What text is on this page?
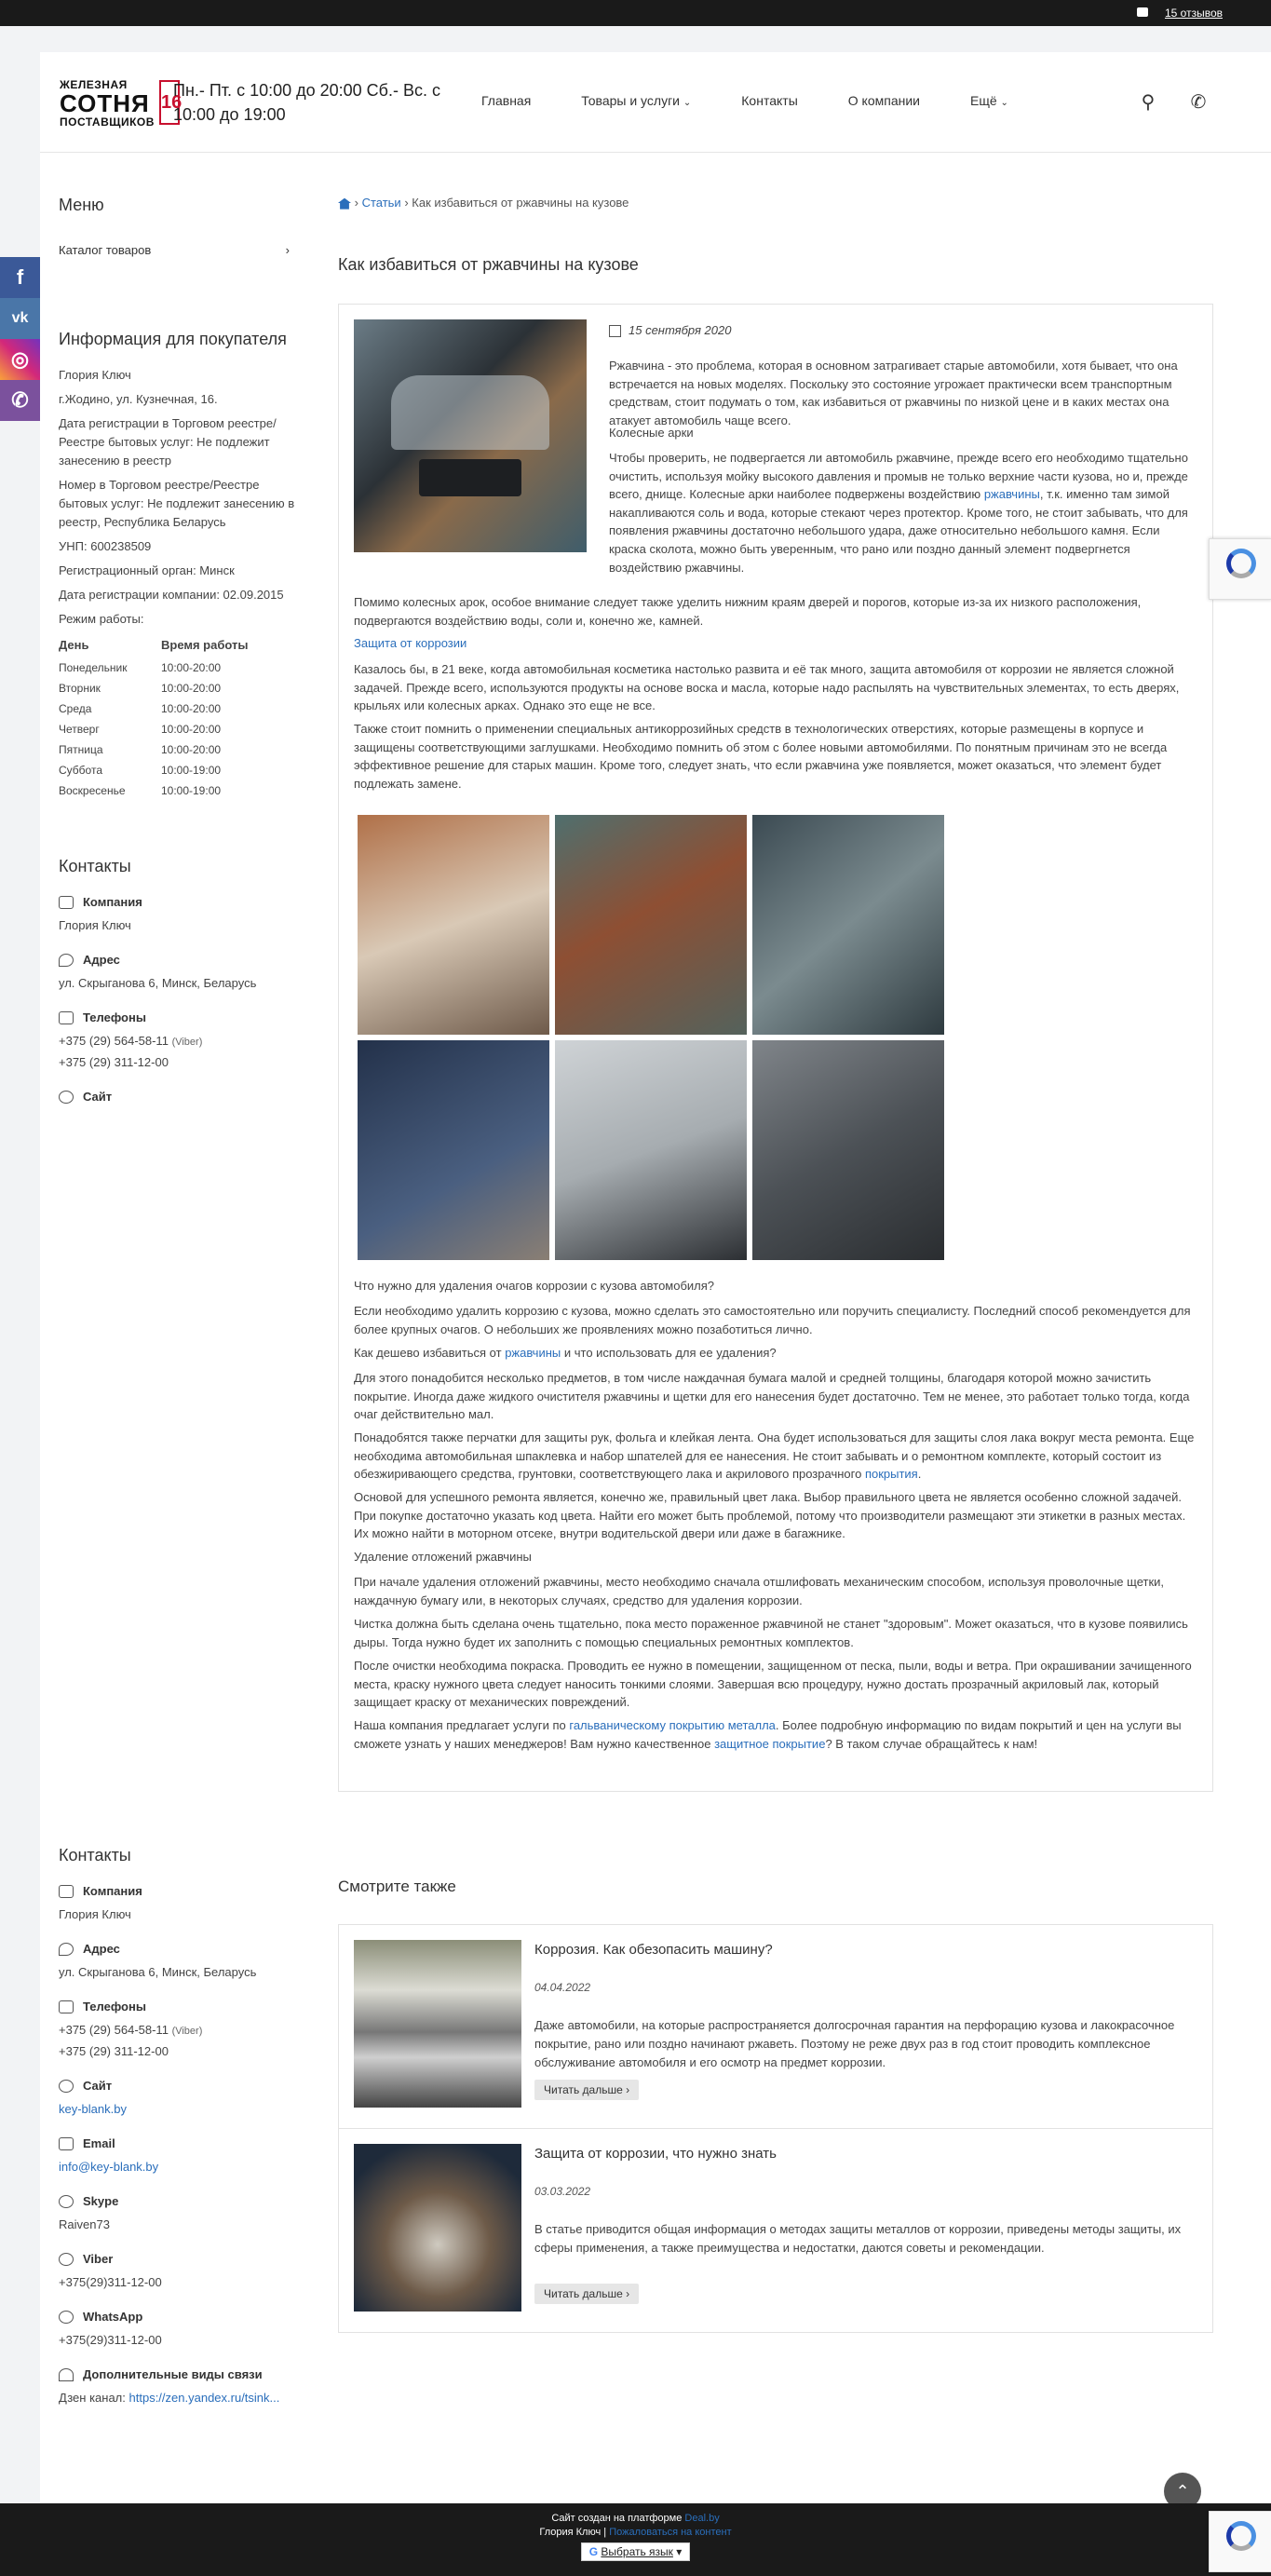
15 отзывов
f
vk
◎
✆
ЖЕЛЕЗНАЯ
СОТНЯ
ПОСТАВЩИКОВ
16
Пн.- Пт. с 10:00 до 20:00 Сб.- Вс. с 10:00 до 19:00
Главная	Товары и услуги ⌄	Контакты	О компании	Ещё ⌄	⚲	✆
Меню
Каталог товаров	›
Информация для покупателя

Глория Ключ

г.Жодино, ул. Кузнечная, 16.

Дата регистрации в Торговом реестре/Реестре бытовых услуг: Не подлежит занесению в реестр

Номер в Торговом реестре/Реестре бытовых услуг: Не подлежит занесению в реестр, Республика Беларусь

УНП: 600238509

Регистрационный орган: Минск

Дата регистрации компании: 02.09.2015

Режим работы:

День	Время работы
Понедельник	10:00-20:00
Вторник	10:00-20:00
Среда	10:00-20:00
Четверг	10:00-20:00
Пятница	10:00-20:00
Суббота	10:00-19:00
Воскресенье	10:00-19:00
Контакты
Компания
Глория Ключ
Адрес
ул. Скрыганова 6, Минск, Беларусь
Телефоны
+375 (29) 564-58-11 (Viber)
+375 (29) 311-12-00
Сайт
› Статьи › Как избавиться от ржавчины на кузове
Как избавиться от ржавчины на кузове
15 сентября 2020
Ржавчина - это проблема, которая в основном затрагивает старые автомобили, хотя бывает, что она встречается на новых моделях. Поскольку это состояние угрожает практически всем транспортным средствам, стоит подумать о том, как избавиться от ржавчины по низкой цене и в каких местах она атакует автомобиль чаще всего.
Колесные арки
Чтобы проверить, не подвергается ли автомобиль ржавчине, прежде всего его необходимо тщательно очистить, используя мойку высокого давления и промыв не только верхние части кузова, но и, прежде всего, днище. Колесные арки наиболее подвержены воздействию ржавчины, т.к. именно там зимой накапливаются соль и вода, которые стекают через протектор. Кроме того, не стоит забывать, что для появления ржавчины достаточно небольшого удара, даже относительно небольшого камня. Если краска сколота, можно быть уверенным, что рано или поздно данный элемент подвергнется воздействию ржавчины.
Помимо колесных арок, особое внимание следует также уделить нижним краям дверей и порогов, которые из-за их низкого расположения, подвергаются воздействию воды, соли и, конечно же, камней.
Защита от коррозии
Казалось бы, в 21 веке, когда автомобильная косметика настолько развита и её так много, защита автомобиля от коррозии не является сложной задачей. Прежде всего, используются продукты на основе воска и масла, которые надо распылять на чувствительных элементах, то есть дверях, крыльях или колесных арках. Однако это еще не все.
Также стоит помнить о применении специальных антикоррозийных средств в технологических отверстиях, которые размещены в корпусе и защищены соответствующими заглушками. Необходимо помнить об этом с более новыми автомобилями. По понятным причинам это не всегда эффективное решение для старых машин. Кроме того, следует знать, что если ржавчина уже появляется, может оказаться, что элемент будет подлежать замене.
Что нужно для удаления очагов коррозии с кузова автомобиля?
Если необходимо удалить коррозию с кузова, можно сделать это самостоятельно или поручить специалисту. Последний способ рекомендуется для более крупных очагов. О небольших же проявлениях можно позаботиться лично.
Как дешево избавиться от ржавчины и что использовать для ее удаления?
Для этого понадобится несколько предметов, в том числе наждачная бумага малой и средней толщины, благодаря которой можно зачистить покрытие. Иногда даже жидкого очистителя ржавчины и щетки для его нанесения будет достаточно. Тем не менее, это работает только тогда, когда очаг действительно мал.
Понадобятся также перчатки для защиты рук, фольга и клейкая лента. Она будет использоваться для защиты слоя лака вокруг места ремонта. Еще необходима автомобильная шпаклевка и набор шпателей для ее нанесения. Не стоит забывать и о ремонтном комплекте, который состоит из обезжиривающего средства, грунтовки, соответствующего лака и акрилового прозрачного покрытия.
Основой для успешного ремонта является, конечно же, правильный цвет лака. Выбор правильного цвета не является особенно сложной задачей. При покупке достаточно указать код цвета. Найти его может быть проблемой, потому что производители размещают эти этикетки в разных местах. Их можно найти в моторном отсеке, внутри водительской двери или даже в багажнике.
Удаление отложений ржавчины
При начале удаления отложений ржавчины, место необходимо сначала отшлифовать механическим способом, используя проволочные щетки, наждачную бумагу или, в некоторых случаях, средство для удаления коррозии.
Чистка должна быть сделана очень тщательно, пока место пораженное ржавчиной не станет "здоровым". Может оказаться, что в кузове появились дыры. Тогда нужно будет их заполнить с помощью специальных ремонтных комплектов.
После очистки необходима покраска. Проводить ее нужно в помещении, защищенном от песка, пыли, воды и ветра. При окрашивании зачищенного места, краску нужного цвета следует наносить тонкими слоями. Завершая всю процедуру, нужно достать прозрачный акриловый лак, который защищает краску от механических повреждений.
Наша компания предлагает услуги по гальваническому покрытию металла. Более подробную информацию по видам покрытий и цен на услуги вы сможете узнать у наших менеджеров! Вам нужно качественное защитное покрытие? В таком случае обращайтесь к нам!
Контакты
Компания
Глория Ключ
Адрес
ул. Скрыганова 6, Минск, Беларусь
Телефоны
+375 (29) 564-58-11 (Viber)
+375 (29) 311-12-00
Сайт
key-blank.by
Email
info@key-blank.by
Skype
Raiven73
Viber
+375(29)311-12-00
WhatsApp
+375(29)311-12-00
Дополнительные виды связи
Дзен канал: https://zen.yandex.ru/tsink...
Смотрите также
Коррозия. Как обезопасить машину?
04.04.2022
Даже автомобили, на которые распространяется долгосрочная гарантия на перфорацию кузова и лакокрасочное покрытие, рано или поздно начинают ржаветь. Поэтому не реже двух раз в год стоит проводить комплексное обслуживание автомобиля и его осмотр на предмет коррозии.
Читать дальше ›
Защита от коррозии, что нужно знать
03.03.2022
В статье приводится общая информация о методах защиты металлов от коррозии, приведены методы защиты, их сферы применения, а также преимущества и недостатки, даются советы и рекомендации.
Читать дальше ›
⌃
Сайт создан на платформе Deal.by
Глория Ключ | Пожаловаться на контент
G Выбрать язык ▾
